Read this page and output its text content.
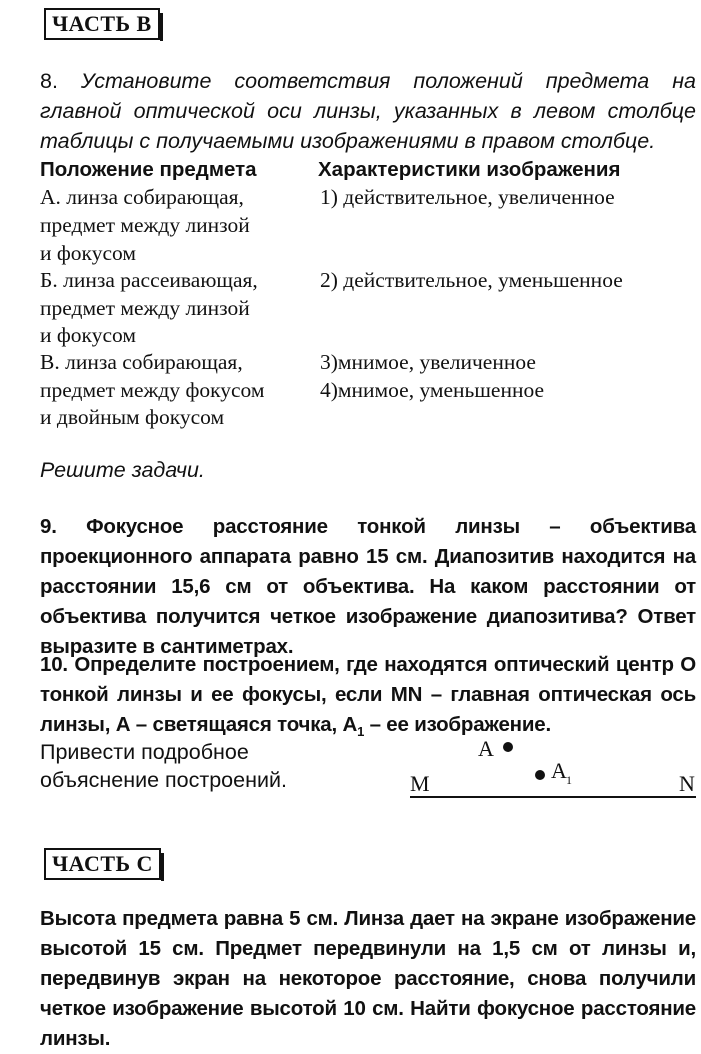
ЧАСТЬ В
8. Установите соответствия положений предмета на главной оптической оси линзы, указанных в левом столбце таблицы с получаемыми изображениями в правом столбце.
Положение предмета	Характеристики изображения
А. линза собирающая,
предмет между линзой
и фокусом
Б. линза рассеивающая,
предмет между линзой
и фокусом
В. линза собирающая,
предмет между фокусом
и двойным фокусом
1) действительное, увеличенное
2) действительное, уменьшенное
3)мнимое, увеличенное
4)мнимое, уменьшенное
Решите задачи.
9. Фокусное расстояние тонкой линзы – объектива проекционного аппарата равно 15 см. Диапозитив находится на расстоянии 15,6 см от объектива. На каком расстоянии от объектива получится четкое изображение диапозитива? Ответ выразите в сантиметрах.
10. Определите построением, где находятся оптический центр О тонкой линзы и ее фокусы, если MN – главная оптическая ось линзы, А – светящаяся точка, $А_1$ – ее изображение.
Привести подробное
объяснение построений.
А
А 1
M	N
ЧАСТЬ С
Высота предмета равна 5 см. Линза дает на экране изображение высотой 15 см. Предмет передвинули на 1,5 см от линзы и, передвинув экран на некоторое расстояние, снова получили четкое изображение высотой 10 см. Найти фокусное расстояние линзы.
